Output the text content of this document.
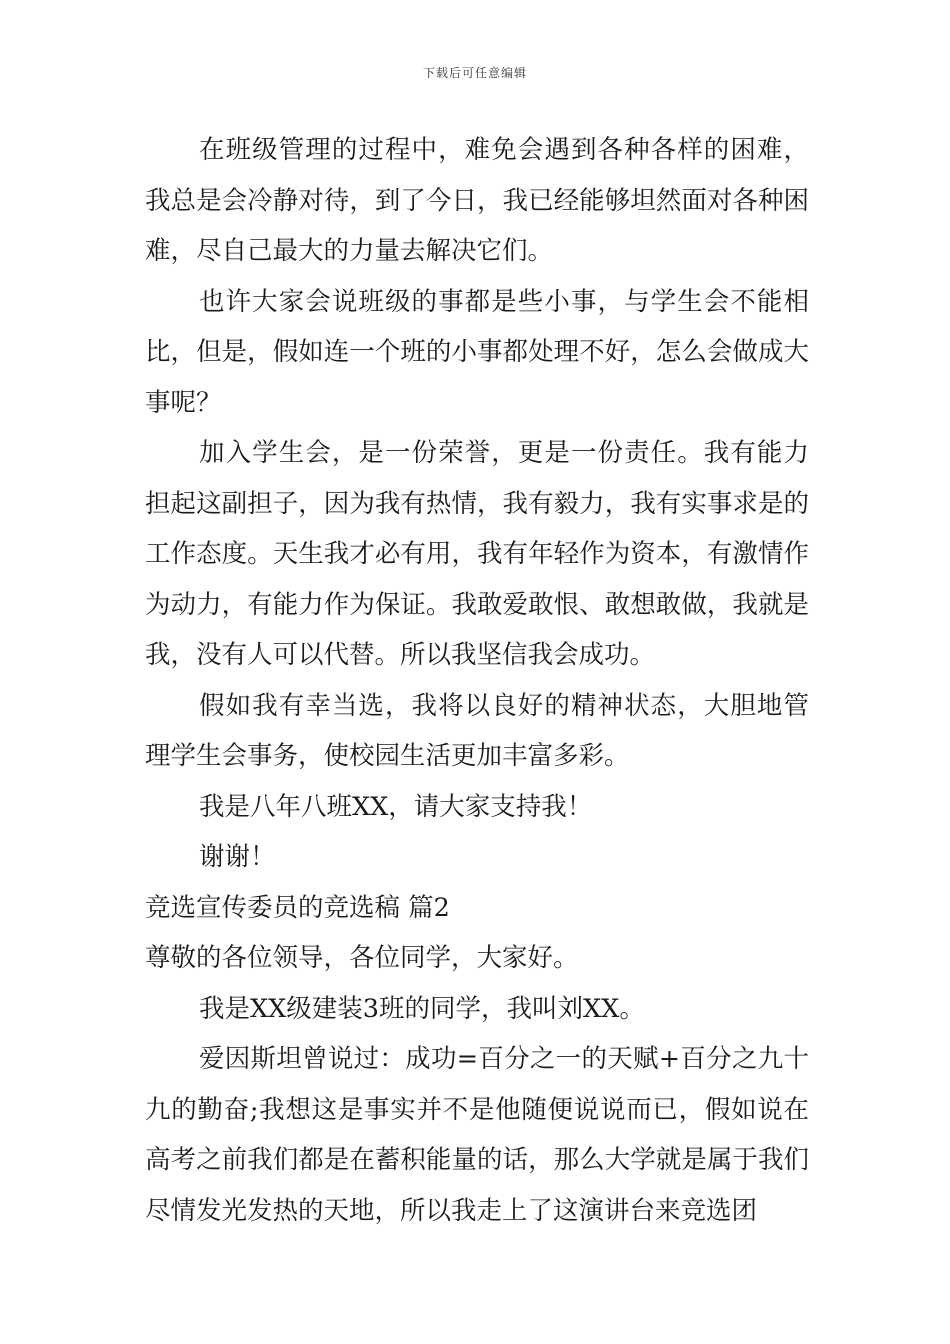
下载后可任意编辑

在班级管理的过程中，难免会遇到各种各样的困难，我总是会冷静对待，到了今日，我已经能够坦然面对各种困难，尽自己最大的力量去解决它们。

也许大家会说班级的事都是些小事，与学生会不能相比，但是，假如连一个班的小事都处理不好，怎么会做成大事呢？

加入学生会，是一份荣誉，更是一份责任。我有能力担起这副担子，因为我有热情，我有毅力，我有实事求是的工作态度。天生我才必有用，我有年轻作为资本，有激情作为动力，有能力作为保证。我敢爱敢恨、敢想敢做，我就是我，没有人可以代替。所以我坚信我会成功。

假如我有幸当选，我将以良好的精神状态，大胆地管理学生会事务，使校园生活更加丰富多彩。

我是八年八班XX，请大家支持我！

谢谢！

竞选宣传委员的竞选稿 篇2

尊敬的各位领导，各位同学，大家好。

我是XX级建装3班的同学，我叫刘XX。

爱因斯坦曾说过：成功=百分之一的天赋+百分之九十九的勤奋;我想这是事实并不是他随便说说而已，假如说在高考之前我们都是在蓄积能量的话，那么大学就是属于我们尽情发光发热的天地，所以我走上了这演讲台来竞选团
